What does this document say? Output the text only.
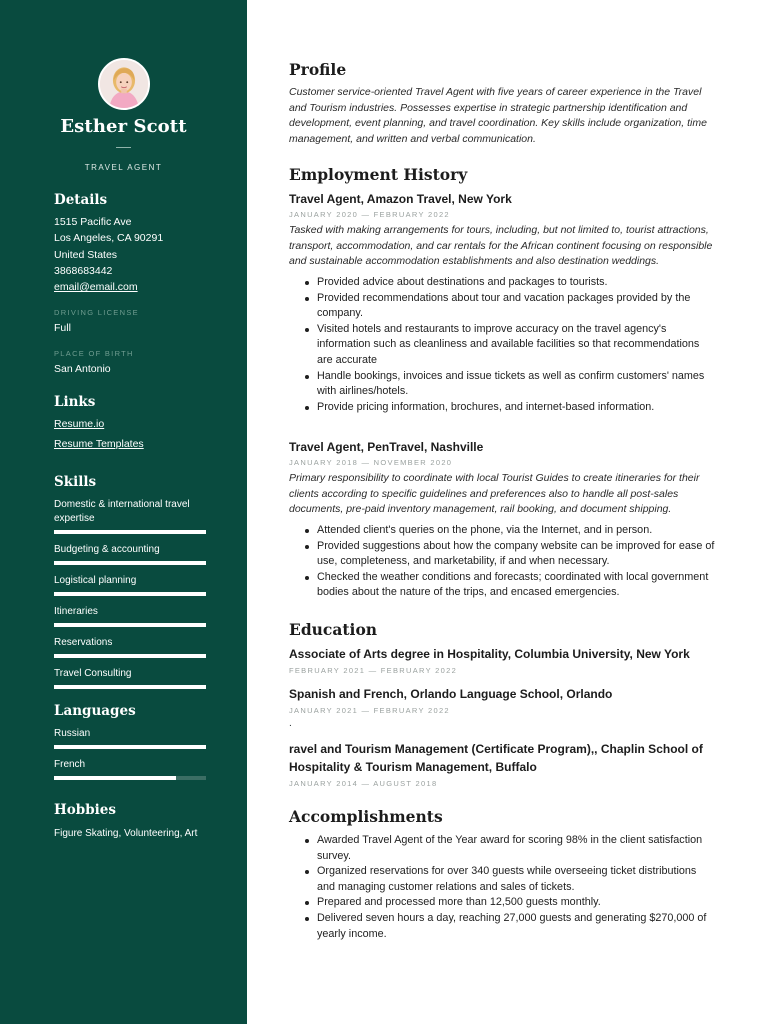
Esther Scott
TRAVEL AGENT
Details
1515 Pacific Ave
Los Angeles, CA 90291
United States
3868683442
email@email.com
DRIVING LICENSE
Full
PLACE OF BIRTH
San Antonio
Links
Resume.io
Resume Templates
Skills
Domestic & international travel expertise
Budgeting & accounting
Logistical planning
Itineraries
Reservations
Travel Consulting
Languages
Russian
French
Hobbies
Figure Skating, Volunteering, Art
Profile
Customer service-oriented Travel Agent with five years of career experience in the Travel and Tourism industries. Possesses expertise in strategic partnership identification and development, event planning, and travel coordination. Key skills include organization, time management, and written and verbal communication.
Employment History
Travel Agent, Amazon Travel, New York
JANUARY 2020 — FEBRUARY 2022
Tasked with making arrangements for tours, including, but not limited to, tourist attractions, transport, accommodation, and car rentals for the African continent focusing on responsible and sustainable accommodation establishments and also destination weddings.
Provided advice about destinations and packages to tourists.
Provided recommendations about tour and vacation packages provided by the company.
Visited hotels and restaurants to improve accuracy on the travel agency's information such as cleanliness and available facilities so that recommendations are accurate
Handle bookings, invoices and issue tickets as well as confirm customers' names with airlines/hotels.
Provide pricing information, brochures, and internet-based information.
Travel Agent, PenTravel, Nashville
JANUARY 2018 — NOVEMBER 2020
Primary responsibility to coordinate with local Tourist Guides to create itineraries for their clients according to specific guidelines and preferences also to handle all post-sales documents, pre-paid inventory management, rail booking, and document shipping.
Attended client's queries on the phone, via the Internet, and in person.
Provided suggestions about how the company website can be improved for ease of use, completeness, and marketability, if and when necessary.
Checked the weather conditions and forecasts; coordinated with local government bodies about the nature of the trips, and encased emergencies.
Education
Associate of Arts degree in Hospitality, Columbia University, New York
FEBRUARY 2021 — FEBRUARY 2022
Spanish and French, Orlando Language School, Orlando
JANUARY 2021 — FEBRUARY 2022
.
ravel and Tourism Management (Certificate Program),, Chaplin School of Hospitality & Tourism Management, Buffalo
JANUARY 2014 — AUGUST 2018
Accomplishments
Awarded Travel Agent of the Year award for scoring 98% in the client satisfaction survey.
Organized reservations for over 340 guests while overseeing ticket distributions and managing customer relations and sales of tickets.
Prepared and processed more than 12,500 guests monthly.
Delivered seven hours a day, reaching 27,000 guests and generating $270,000 of yearly income.
